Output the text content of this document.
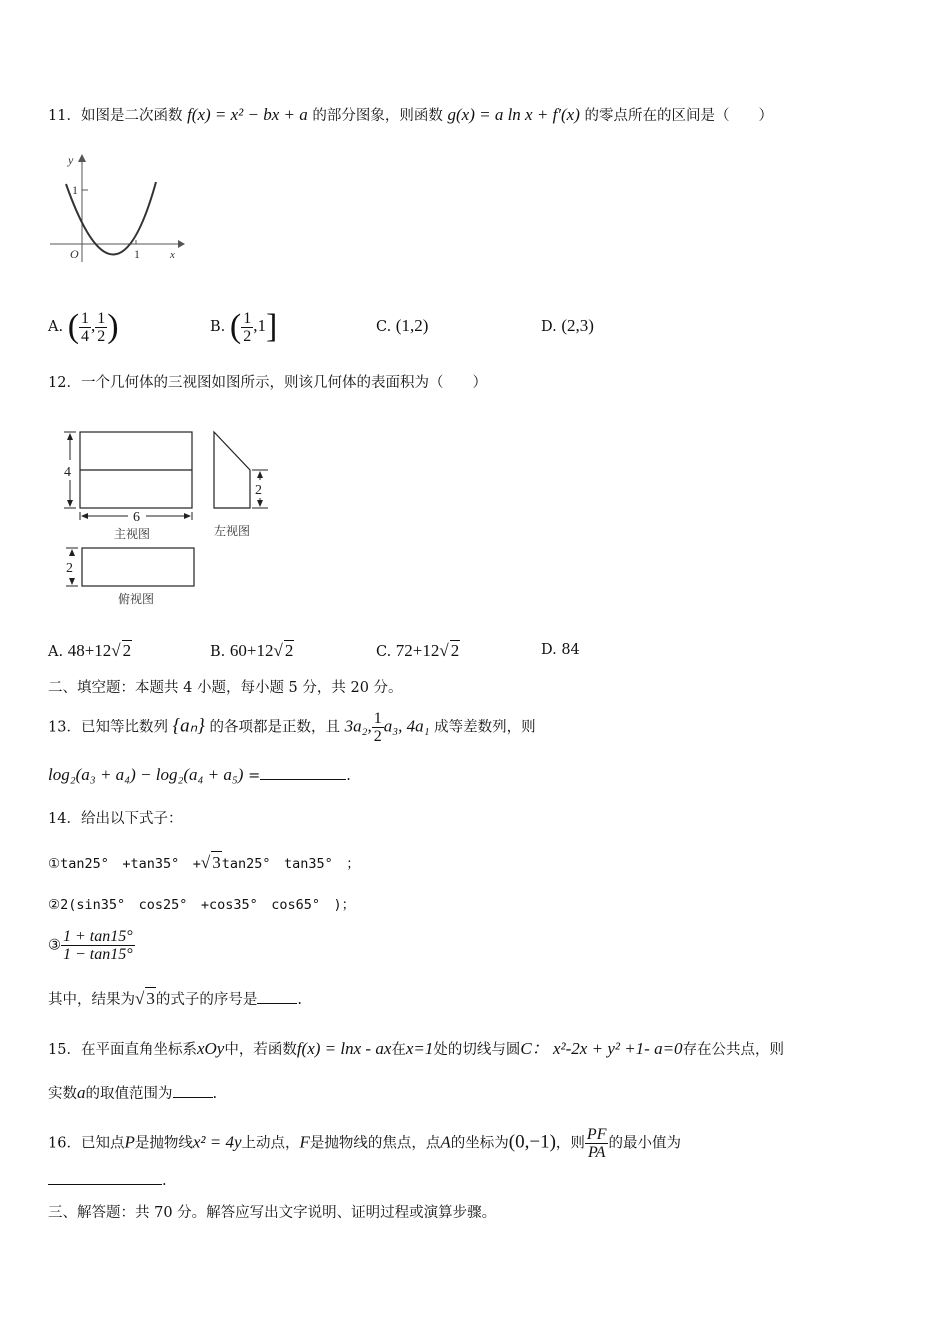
11．如图是二次函数 f(x) = x² − bx + a 的部分图象，则函数 g(x) = a ln x + f′(x) 的零点所在的区间是（　　）
y
1
O	1	x
A. ( $\frac{1}{4}$ , $\frac{1}{2}$ )	B. ( $\frac{1}{2} ,1$]	C. (1,2)	D. (2,3)
12．一个几何体的三视图如图所示，则该几何体的表面积为（　　）
4
6
主视图
2
左视图
2
俯视图
A. 48+12√ 2	B. 60+12√ 2	C. 72+12√ 2	D. 84
二、填空题：本题共 4 小题，每小题 5 分，共 20 分。
13．已知等比数列 {aₙ} 的各项都是正数，且 3a₂, $\frac{1}{2} a_3$, 4a₁ 成等差数列，则
log₂(a₃ + a₄) − log₂(a₄ + a₅) =	.
14．给出以下式子：
①tan25°　+tan35°　+√ 3tan25°　tan35°　；
②2(sin35°　cos25°　+cos35°　cos65°　)；
③ $\frac{1 + \tan 15^\circ}{1 - \tan 15^\circ}$
其中，结果为√ 3的式子的序号是	.
15．在平面直角坐标系xOy中，若函数f(x) = lnx - ax在x=1处的切线与圆C： x²-2x + y² +1- a=0存在公共点，则
实数a的取值范围为	.
16．已知点P是抛物线x² = 4y上动点，F是抛物线的焦点，点A的坐标为(0,−1)，则 $\frac{PF}{PA}$ 的最小值为
.
三、解答题：共 70 分。解答应写出文字说明、证明过程或演算步骤。
